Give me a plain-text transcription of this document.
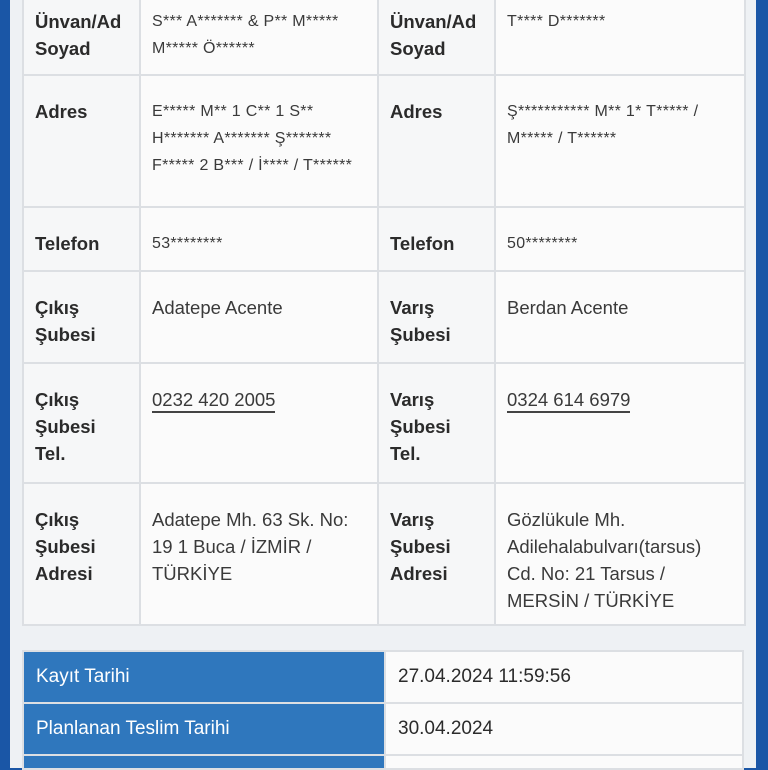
Ünvan/Ad Soyad	S*** A******* & P** M***** M***** Ö******	Ünvan/Ad Soyad	T**** D*******
Adres	E***** M** 1 C** 1 S** H******* A******* Ş******* F***** 2 B*** / İ**** / T******	Adres	Ş*********** M** 1* T***** / M***** / T******
Telefon	53********	Telefon	50********
Çıkış Şubesi	Adatepe Acente	Varış Şubesi	Berdan Acente
Çıkış Şubesi Tel.	0232 420 2005	Varış Şubesi Tel.	0324 614 6979
Çıkış Şubesi Adresi	Adatepe Mh. 63 Sk. No: 19 1 Buca / İZMİR / TÜRKİYE	Varış Şubesi Adresi	Gözlükule Mh. Adilehalabulvarı(tarsus) Cd. No: 21 Tarsus / MERSİN / TÜRKİYE
Kayıt Tarihi	27.04.2024 11:59:56
Planlanan Teslim Tarihi	30.04.2024
